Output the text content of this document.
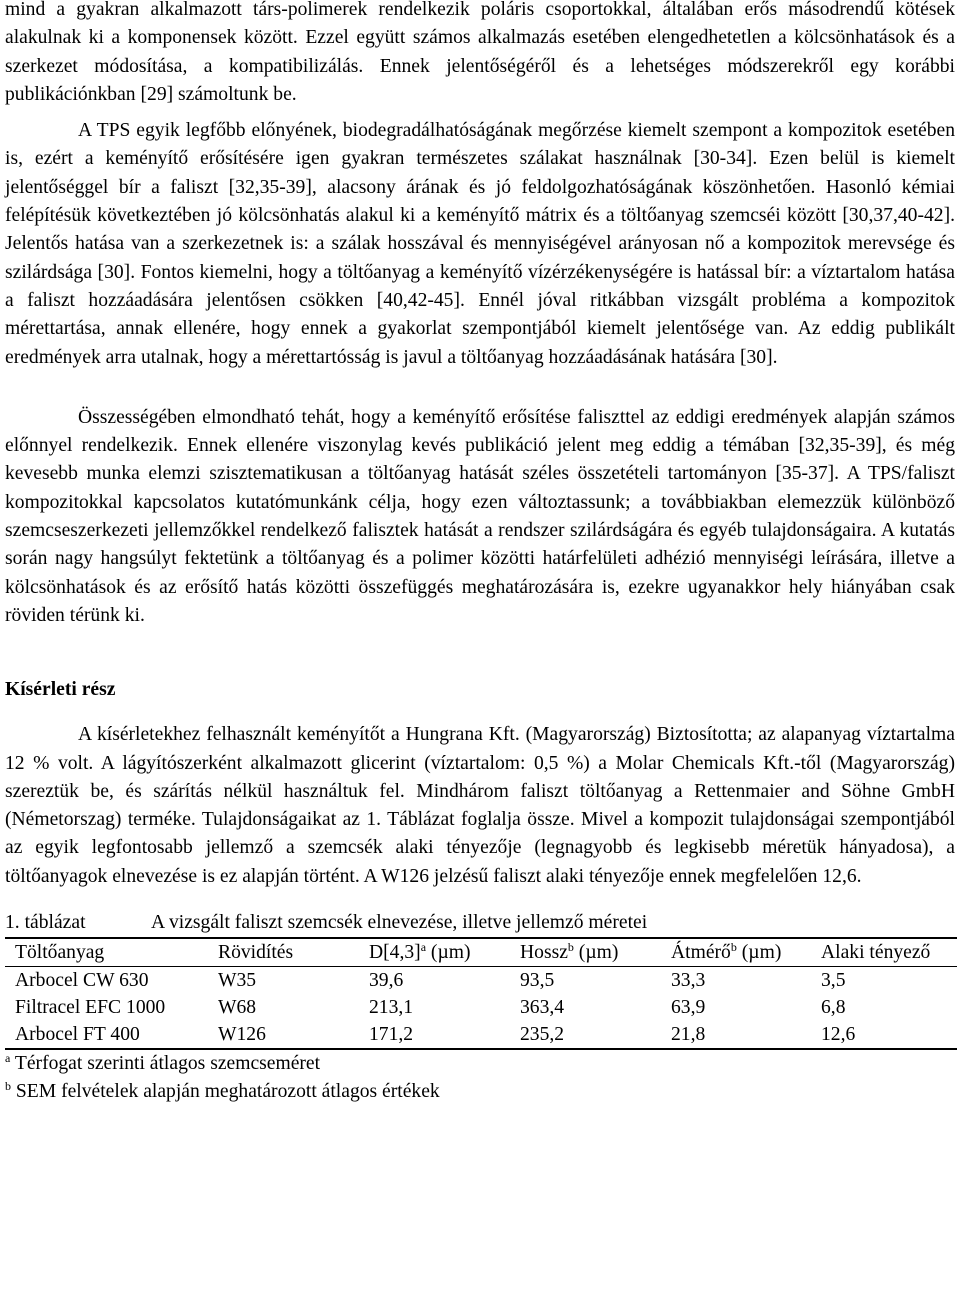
mind a gyakran alkalmazott társ-polimerek rendelkezik poláris csoportokkal, általában erős másodrendű kötések alakulnak ki a komponensek között. Ezzel együtt számos alkalmazás esetében elengedhetetlen a kölcsönhatások és a szerkezet módosítása, a kompatibilizálás. Ennek jelentőségéről és a lehetséges módszerekről egy korábbi publikációnkban [29] számoltunk be.

A TPS egyik legfőbb előnyének, biodegradálhatóságának megőrzése kiemelt szempont a kompozitok esetében is, ezért a keményítő erősítésére igen gyakran természetes szálakat használnak [30-34]. Ezen belül is kiemelt jelentőséggel bír a faliszt [32,35-39], alacsony árának és jó feldolgozhatóságának köszönhetően. Hasonló kémiai felépítésük következtében jó kölcsönhatás alakul ki a keményítő mátrix és a töltőanyag szemcséi között [30,37,40-42]. Jelentős hatása van a szerkezetnek is: a szálak hosszával és mennyiségével arányosan nő a kompozitok merevsége és szilárdsága [30]. Fontos kiemelni, hogy a töltőanyag a keményítő vízérzékenységére is hatással bír: a víztartalom hatása a faliszt hozzáadására jelentősen csökken [40,42-45]. Ennél jóval ritkábban vizsgált probléma a kompozitok mérettartása, annak ellenére, hogy ennek a gyakorlat szempontjából kiemelt jelentősége van. Az eddig publikált eredmények arra utalnak, hogy a mérettartósság is javul a töltőanyag hozzáadásának hatására [30].

Összességében elmondható tehát, hogy a keményítő erősítése faliszttel az eddigi eredmények alapján számos előnnyel rendelkezik. Ennek ellenére viszonylag kevés publikáció jelent meg eddig a témában [32,35-39], és még kevesebb munka elemzi szisztematikusan a töltőanyag hatását széles összetételi tartományon [35-37]. A TPS/faliszt kompozitokkal kapcsolatos kutatómunkánk célja, hogy ezen változtassunk; a továbbiakban elemezzük különböző szemcseszerkezeti jellemzőkkel rendelkező falisztek hatását a rendszer szilárdságára és egyéb tulajdonságaira. A kutatás során nagy hangsúlyt fektetünk a töltőanyag és a polimer közötti határfelületi adhézió mennyiségi leírására, illetve a kölcsönhatások és az erősítő hatás közötti összefüggés meghatározására is, ezekre ugyanakkor hely hiányában csak röviden térünk ki.

Kísérleti rész

A kísérletekhez felhasznált keményítőt a Hungrana Kft. (Magyarország) Biztosította; az alapanyag víztartalma 12 % volt. A lágyítószerként alkalmazott glicerint (víztartalom: 0,5 %) a Molar Chemicals Kft.-től (Magyarország) szereztük be, és szárítás nélkül használtuk fel. Mindhárom faliszt töltőanyag a Rettenmaier and Söhne GmbH (Németorszag) terméke. Tulajdonságaikat az 1. Táblázat foglalja össze. Mivel a kompozit tulajdonságai szempontjából az egyik legfontosabb jellemző a szemcsék alaki tényezője (legnagyobb és legkisebb méretük hányadosa), a töltőanyagok elnevezése is ez alapján történt. A W126 jelzésű faliszt alaki tényezője ennek megfelelően 12,6.

1. táblázat	A vizsgált faliszt szemcsék elnevezése, illetve jellemző méretei
Töltőanyag	Rövidítés	$D[4,3]^a$ (µm)	Hossz$^b$ (µm)	Átmérő$^b$ (µm)	Alaki tényező
Arbocel CW 630	W35	39,6	93,5	33,3	3,5
Filtracel EFC 1000	W68	213,1	363,4	63,9	6,8
Arbocel FT 400	W126	171,2	235,2	21,8	12,6

$^a$ Térfogat szerinti átlagos szemcseméret

$^b$ SEM felvételek alapján meghatározott átlagos értékek
